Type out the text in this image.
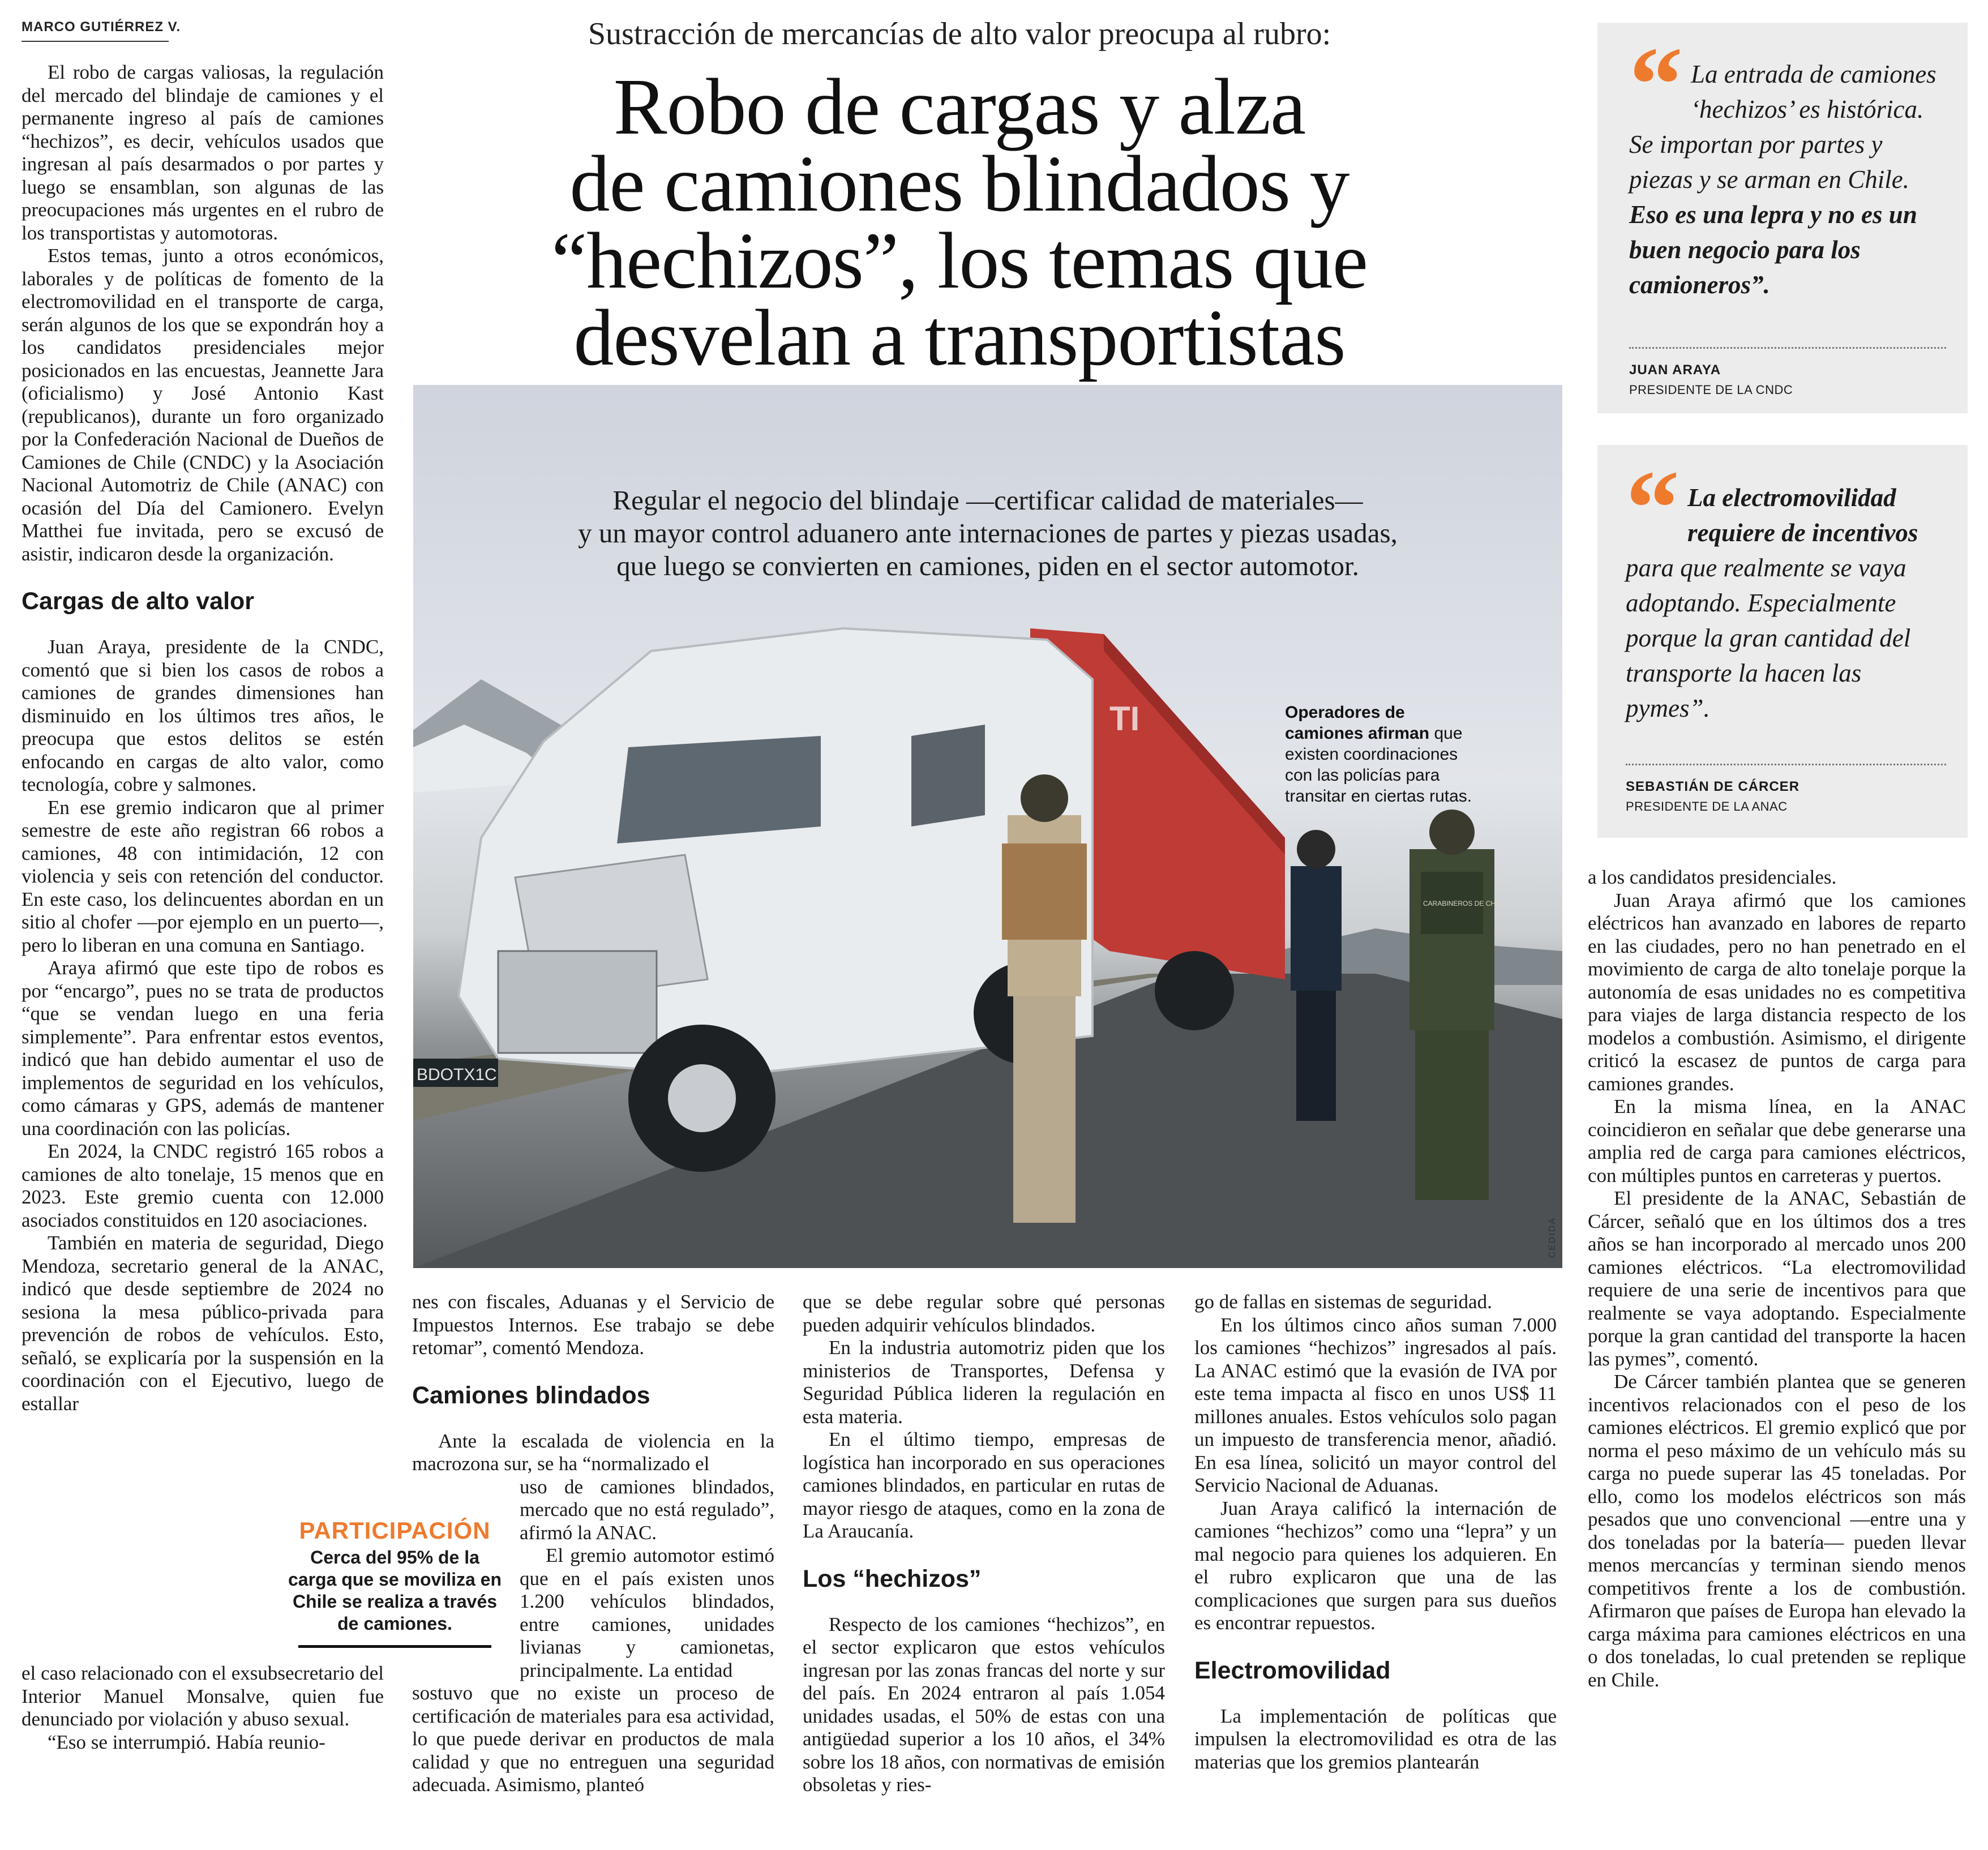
MARCO GUTIÉRREZ V.	Sustracción de mercancías de alto valor preocupa al rubro:
Robo de cargas y alza
de camiones blindados y
“hechizos”, los temas que
desvelan a transportistas
TI
BDOTX1C
CARABINEROS DE CHILE
Operadores de camiones afirman que existen coordinaciones con las policías para transitar en ciertas rutas.
CEDIDA
Regular el negocio del blindaje —certificar calidad de materiales—
y un mayor control aduanero ante internaciones de partes y piezas usadas,
que luego se convierten en camiones, piden en el sector automotor.
“ La entrada de camiones ‘hechizos’ es histórica. Se importan por partes y piezas y se arman en Chile. Eso es una lepra y no es un buen negocio para los camioneros”.
JUAN ARAYA
PRESIDENTE DE LA CNDC
“ La electromovilidad requiere de incentivos para que realmente se vaya adoptando. Especialmente porque la gran cantidad del transporte la hacen las pymes”.
SEBASTIÁN DE CÁRCER
PRESIDENTE DE LA ANAC

El robo de cargas valiosas, la regulación del mercado del blindaje de camiones y el permanente ingreso al país de camiones “hechizos”, es decir, vehículos usados que ingresan al país desarmados o por partes y luego se ensamblan, son algunas de las preocupaciones más urgentes en el rubro de los transportistas y automotoras.

Estos temas, junto a otros económicos, laborales y de políticas de fomento de la electromovilidad en el transporte de carga, serán algunos de los que se expondrán hoy a los candidatos presidenciales mejor posicionados en las encuestas, Jeannette Jara (oficialismo) y José Antonio Kast (republicanos), durante un foro organizado por la Confederación Nacional de Dueños de Camiones de Chile (CNDC) y la Asociación Nacional Automotriz de Chile (ANAC) con ocasión del Día del Camionero. Evelyn Matthei fue invitada, pero se excusó de asistir, indicaron desde la organización.

Cargas de alto valor

Juan Araya, presidente de la CNDC, comentó que si bien los casos de robos a camiones de grandes dimensiones han disminuido en los últimos tres años, le preocupa que estos delitos se estén enfocando en cargas de alto valor, como tecnología, cobre y salmones.

En ese gremio indicaron que al primer semestre de este año registran 66 robos a camiones, 48 con intimidación, 12 con violencia y seis con retención del conductor. En este caso, los delincuentes abordan en un sitio al chofer —por ejemplo en un puerto—, pero lo liberan en una comuna en Santiago.

Araya afirmó que este tipo de robos es por “encargo”, pues no se trata de productos “que se vendan luego en una feria simplemente”. Para enfrentar estos eventos, indicó que han debido aumentar el uso de implementos de seguridad en los vehículos, como cámaras y GPS, además de mantener una coordinación con las policías.

En 2024, la CNDC registró 165 robos a camiones de alto tonelaje, 15 menos que en 2023. Este gremio cuenta con 12.000 asociados constituidos en 120 asociaciones.

También en materia de seguridad, Diego Mendoza, secretario general de la ANAC, indicó que desde septiembre de 2024 no sesiona la mesa público-privada para prevención de robos de vehículos. Esto, señaló, se explicaría por la suspensión en la coordinación con el Ejecutivo, luego de estallar

el caso relacionado con el exsubsecretario del Interior Manuel Monsalve, quien fue denunciado por violación y abuso sexual.

“Eso se interrumpió. Había reunio-

PARTICIPACIÓN
Cerca del 95% de la carga que se moviliza en Chile se realiza a través de camiones.

nes con fiscales, Aduanas y el Servicio de Impuestos Internos. Ese trabajo se debe retomar”, comentó Mendoza.

Camiones blindados

Ante la escalada de violencia en la macrozona sur, se ha “normalizado el

uso de camiones blindados, mercado que no está regulado”, afirmó la ANAC.

El gremio automotor estimó que en el país existen unos 1.200 vehículos blindados, entre camiones, unidades livianas y camionetas, principalmente. La entidad

sostuvo que no existe un proceso de certificación de materiales para esa actividad, lo que puede derivar en productos de mala calidad y que no entreguen una seguridad adecuada. Asimismo, planteó

que se debe regular sobre qué personas pueden adquirir vehículos blindados.

En la industria automotriz piden que los ministerios de Transportes, Defensa y Seguridad Pública lideren la regulación en esta materia.

En el último tiempo, empresas de logística han incorporado en sus operaciones camiones blindados, en particular en rutas de mayor riesgo de ataques, como en la zona de La Araucanía.

Los “hechizos”

Respecto de los camiones “hechizos”, en el sector explicaron que estos vehículos ingresan por las zonas francas del norte y sur del país. En 2024 entraron al país 1.054 unidades usadas, el 50% de estas con una antigüedad superior a los 10 años, el 34% sobre los 18 años, con normativas de emisión obsoletas y ries-

go de fallas en sistemas de seguridad.

En los últimos cinco años suman 7.000 los camiones “hechizos” ingresados al país. La ANAC estimó que la evasión de IVA por este tema impacta al fisco en unos US$ 11 millones anuales. Estos vehículos solo pagan un impuesto de transferencia menor, añadió. En esa línea, solicitó un mayor control del Servicio Nacional de Aduanas.

Juan Araya calificó la internación de camiones “hechizos” como una “lepra” y un mal negocio para quienes los adquieren. En el rubro explicaron que una de las complicaciones que surgen para sus dueños es encontrar repuestos.

Electromovilidad

La implementación de políticas que impulsen la electromovilidad es otra de las materias que los gremios plantearán

a los candidatos presidenciales.

Juan Araya afirmó que los camiones eléctricos han avanzado en labores de reparto en las ciudades, pero no han penetrado en el movimiento de carga de alto tonelaje porque la autonomía de esas unidades no es competitiva para viajes de larga distancia respecto de los modelos a combustión. Asimismo, el dirigente criticó la escasez de puntos de carga para camiones grandes.

En la misma línea, en la ANAC coincidieron en señalar que debe generarse una amplia red de carga para camiones eléctricos, con múltiples puntos en carreteras y puertos.

El presidente de la ANAC, Sebastián de Cárcer, señaló que en los últimos dos a tres años se han incorporado al mercado unos 200 camiones eléctricos. “La electromovilidad requiere de una serie de incentivos para que realmente se vaya adoptando. Especialmente porque la gran cantidad del transporte la hacen las pymes”, comentó.

De Cárcer también plantea que se generen incentivos relacionados con el peso de los camiones eléctricos. El gremio explicó que por norma el peso máximo de un vehículo más su carga no puede superar las 45 toneladas. Por ello, como los modelos eléctricos son más pesados que uno convencional —entre una y dos toneladas por la batería— pueden llevar menos mercancías y terminan siendo menos competitivos frente a los de combustión. Afirmaron que países de Europa han elevado la carga máxima para camiones eléctricos en una o dos toneladas, lo cual pretenden se replique en Chile.
